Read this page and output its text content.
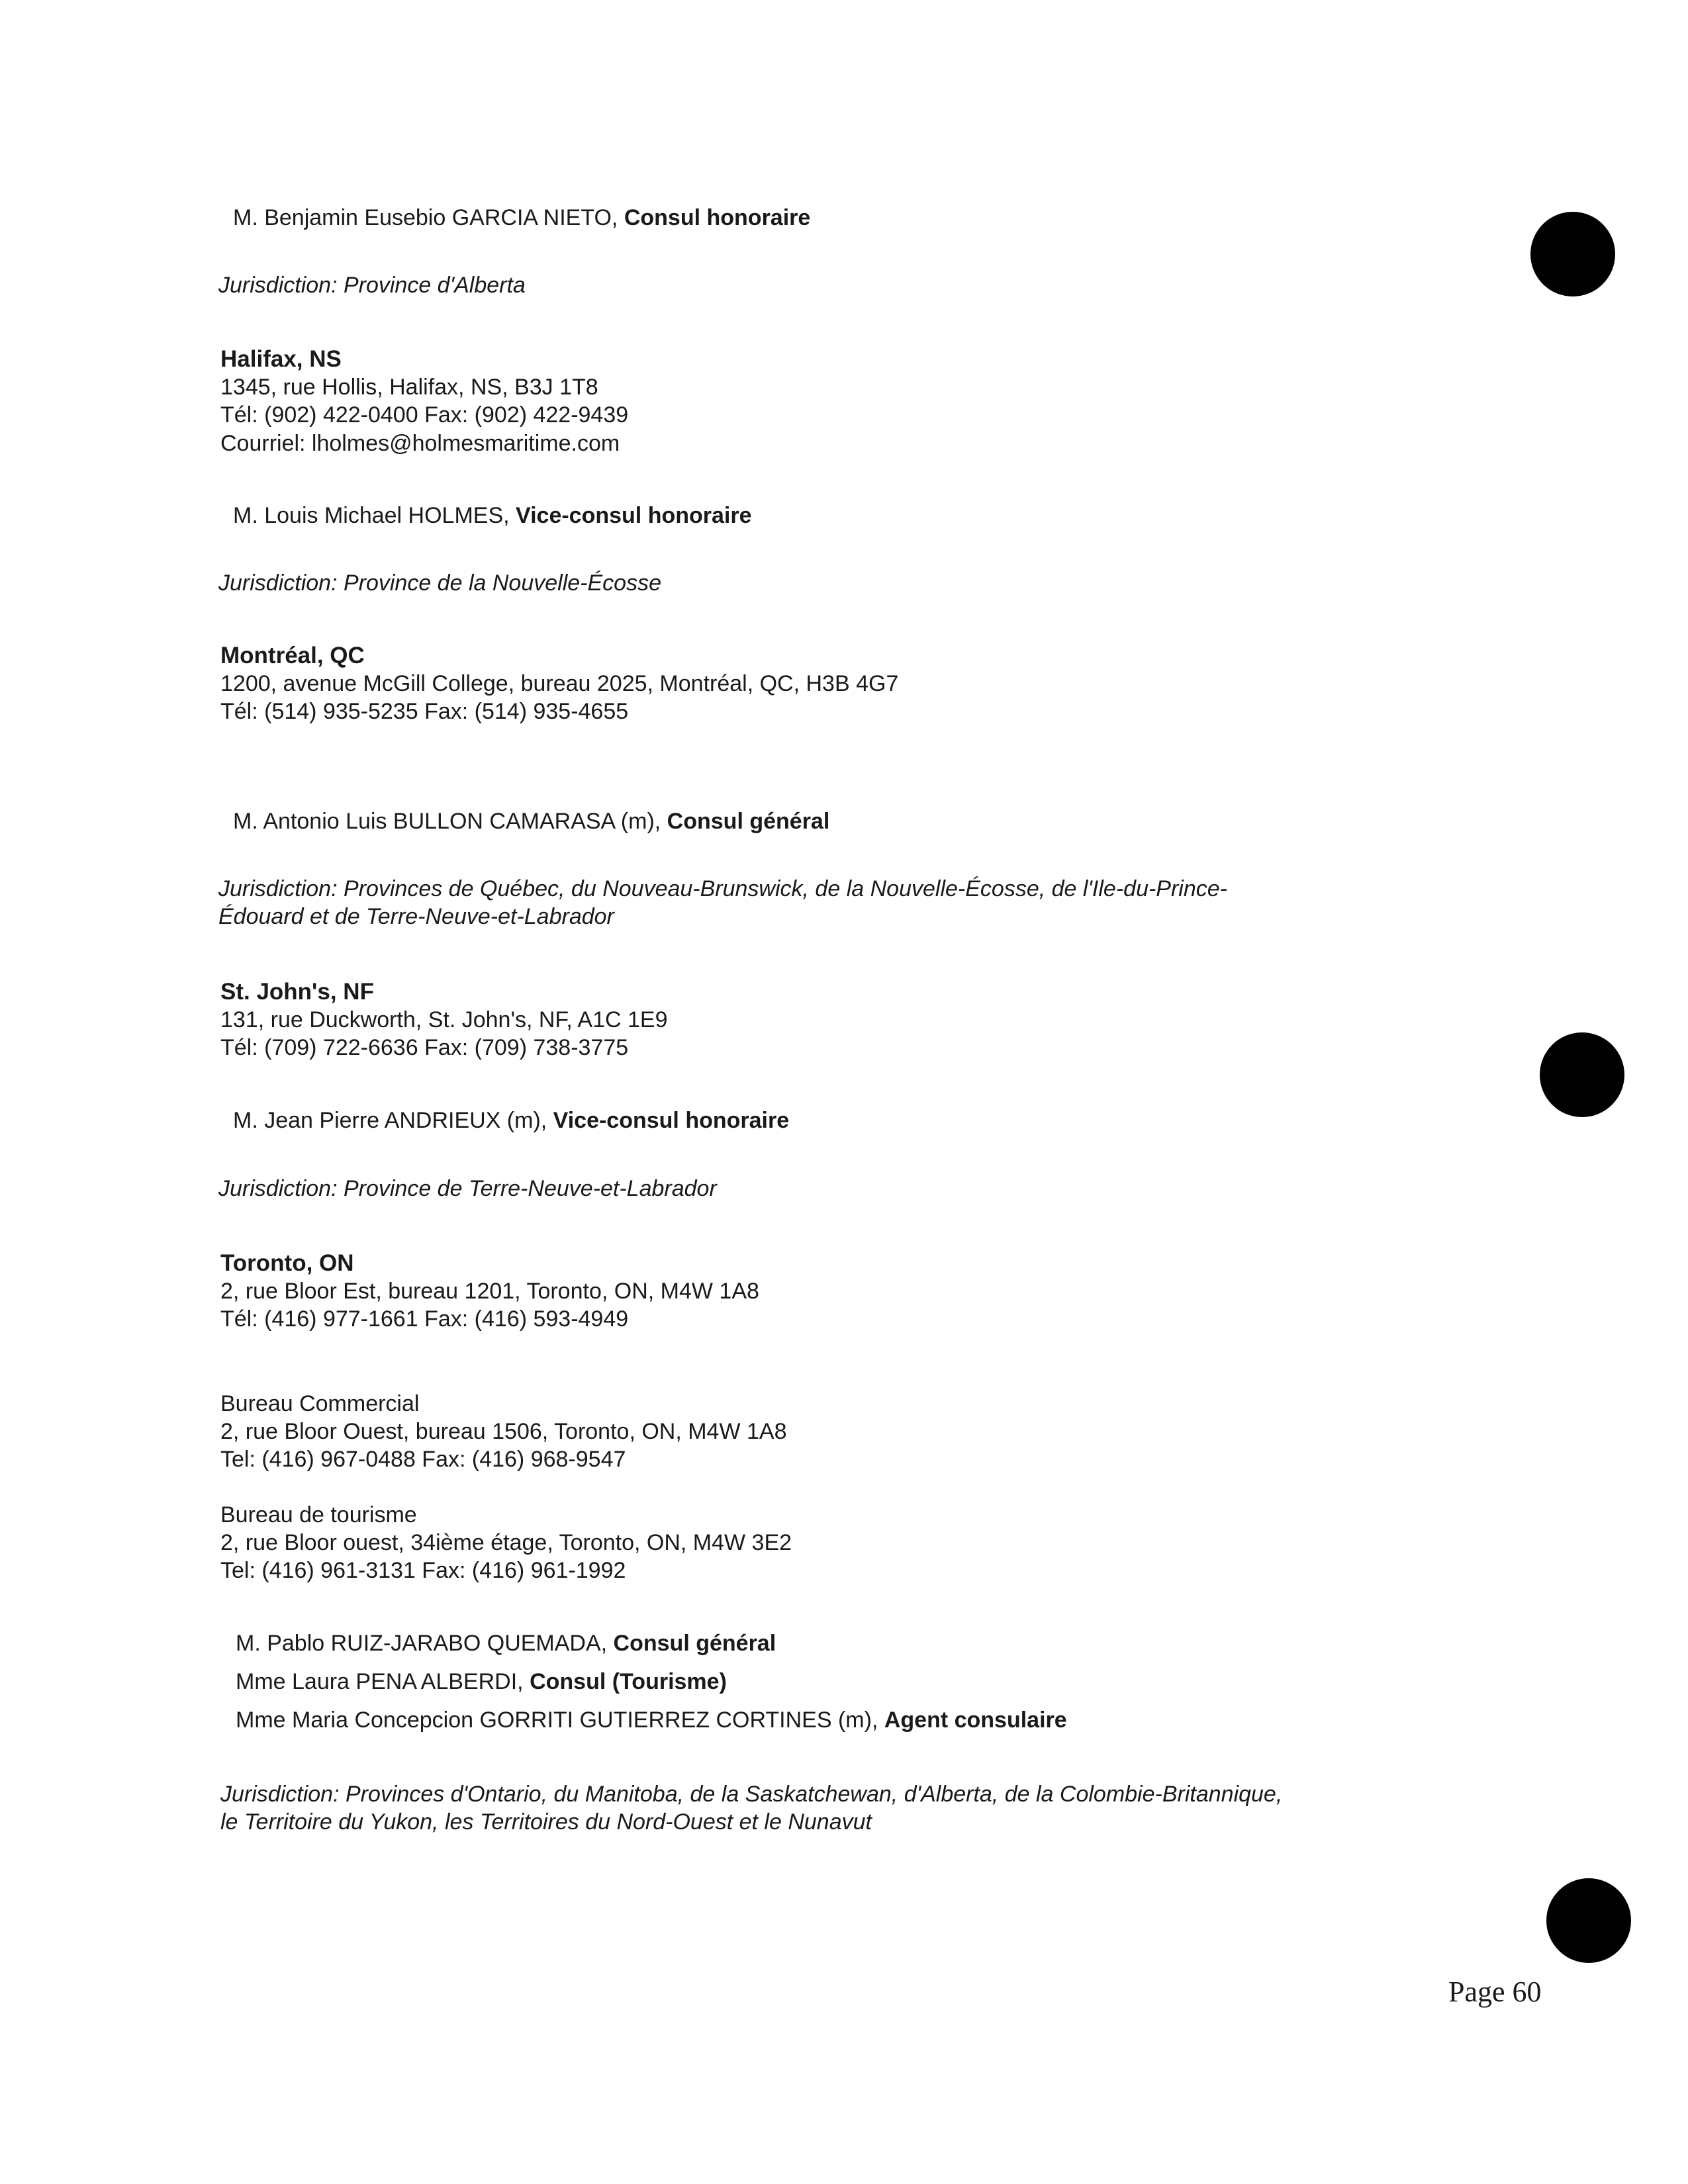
M. Benjamin Eusebio GARCIA NIETO, Consul honoraire

Jurisdiction: Province d'Alberta

Halifax, NS

1345, rue Hollis, Halifax, NS, B3J 1T8

Tél: (902) 422-0400 Fax: (902) 422-9439

Courriel: lholmes@holmesmaritime.com

M. Louis Michael HOLMES, Vice-consul honoraire

Jurisdiction: Province de la Nouvelle-Écosse

Montréal, QC

1200, avenue McGill College, bureau 2025, Montréal, QC, H3B 4G7

Tél: (514) 935-5235 Fax: (514) 935-4655

M. Antonio Luis BULLON CAMARASA (m), Consul général

Jurisdiction: Provinces de Québec, du Nouveau-Brunswick, de la Nouvelle-Écosse, de l'Ile-du-Prince-

Édouard et de Terre-Neuve-et-Labrador

St. John's, NF

131, rue Duckworth, St. John's, NF, A1C 1E9

Tél: (709) 722-6636 Fax: (709) 738-3775

M. Jean Pierre ANDRIEUX (m), Vice-consul honoraire

Jurisdiction: Province de Terre-Neuve-et-Labrador

Toronto, ON

2, rue Bloor Est, bureau 1201, Toronto, ON, M4W 1A8

Tél: (416) 977-1661 Fax: (416) 593-4949

Bureau Commercial

2, rue Bloor Ouest, bureau 1506, Toronto, ON, M4W 1A8

Tel: (416) 967-0488 Fax: (416) 968-9547

Bureau de tourisme

2, rue Bloor ouest, 34ième étage, Toronto, ON, M4W 3E2

Tel: (416) 961-3131 Fax: (416) 961-1992

M. Pablo RUIZ-JARABO QUEMADA, Consul général

Mme Laura PENA ALBERDI, Consul (Tourisme)

Mme Maria Concepcion GORRITI GUTIERREZ CORTINES (m), Agent consulaire

Jurisdiction: Provinces d'Ontario, du Manitoba, de la Saskatchewan, d'Alberta, de la Colombie-Britannique,

le Territoire du Yukon, les Territoires du Nord-Ouest et le Nunavut

Page 60
